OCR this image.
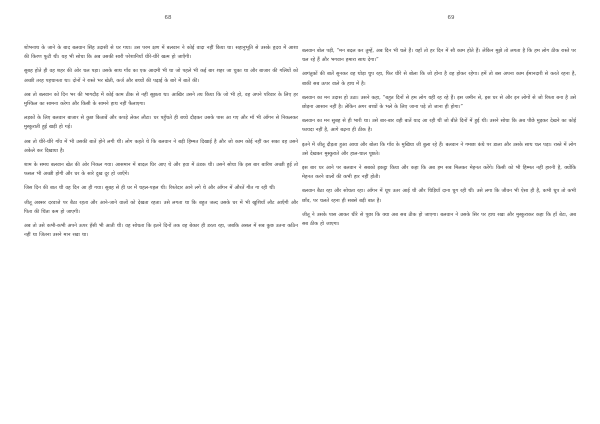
68

शोभनाथ के जाने के बाद बलवान सिंह उदासी से घर गया। उस परम क्षण में बलवान ने कोई वादा नहीं किया था। सहानुभूति से उसके हृदय में आशा की किरण फूटी थी। यह भी सोचा कि अब उसकी सारी परेशानियाँ धीरे-धीरे खत्म हो जाएँगी।

सुबह होते ही वह शहर की ओर चल पड़ा। उसके साथ गाँव का एक आदमी भी था जो पहले भी कई बार शहर जा चुका था और बाजार की गलियों को अच्छी तरह पहचानता था। दोनों ने रास्ते भर खेती, कर्ज और बच्चों की पढ़ाई के बारे में बातें कीं।

अब तो बलवान को दिन भर की भागदौड़ में कोई काम ठीक से नहीं सूझता था। आखिर उसने तय किया कि जो भी हो, वह अपने परिवार के लिए हर मुश्किल का सामना करेगा और किसी के सामने हाथ नहीं फैलाएगा।

लड़कों के लिए बलवान बाजार से कुछ किताबें और कपड़े लेकर लौटा। घर पहुँचते ही बच्चे दौड़कर उसके पास आ गए और माँ भी आँगन से निकलकर मुस्कुराती हुई खड़ी हो गई।

अब तो धीरे-धीरे गाँव में भी उसकी बातें होने लगी थीं। लोग कहते थे कि बलवान ने बड़ी हिम्मत दिखाई है और जो काम कोई नहीं कर सका वह उसने अकेले कर दिखाया है।

शाम के समय बलवान खेत की ओर निकल गया। आसमान में बादल घिर आए थे और हवा में ठंडक थी। उसने सोचा कि इस बार बारिश अच्छी हुई तो फसल भी अच्छी होगी और घर के सारे दुख दूर हो जाएँगे।

जिस दिन की बात थी वह दिन आ ही गया। सुबह से ही घर में चहल-पहल थी। रिश्तेदार आने लगे थे और आँगन में औरतें गीत गा रही थीं।

जीतू अक्सर दरवाजे पर बैठा रहता और आने-जाने वालों को देखता रहता। उसे लगता था कि बहुत जल्द उसके घर में भी खुशियाँ लौट आएँगी और पिता की चिंता कम हो जाएगी।

अब तो उसे कभी-कभी अपने ऊपर हँसी भी आती थी। वह सोचता कि इतने दिनों तक वह बेकार ही डरता रहा, जबकि असल में सब कुछ उतना कठिन नहीं था जितना उसने मान रखा था।

69

बलवान बोल पड़ी, “मन बदल कर तुम्हें, अब दिन भी चले हैं। यहाँ तो हर दिन में सौ काम होते हैं। लेकिन मुझे तो लगता है कि हम लोग ठीक रास्ते पर चल रहे हैं और भगवान हमारा साथ देगा।”

आगंतुकों की बातें सुनकर वह थोड़ा चुप रहा, फिर धीरे से बोला कि जो होना है वह होकर रहेगा। हमें तो बस अपना काम ईमानदारी से करते रहना है, बाकी सब ऊपर वाले के हाथ में है।

बलवान का मन उदास हो उठा। उसने कहा, “बहुत दिनों से हम लोग यहीं रह रहे हैं। इस जमीन से, इस घर से और इन लोगों से जो रिश्ता बना है उसे छोड़ना आसान नहीं है। लेकिन अगर बच्चों के भले के लिए जाना पड़े तो जाना ही होगा।”

बलवान का मन सुबह से ही भारी था। उसे बार-बार वही बातें याद आ रही थीं जो बीते दिनों में हुई थीं। उसने सोचा कि अब पीछे मुड़कर देखने का कोई फायदा नहीं है, आगे बढ़ना ही ठीक है।

इतने में जीतू दौड़ता हुआ आया और बोला कि गाँव के मुखिया जी बुला रहे हैं। बलवान ने गमछा कंधे पर डाला और उसके साथ चल पड़ा। रास्ते में लोग उसे देखकर मुस्कुराते और हाल-चाल पूछते।

इस बार घर आने पर बलवान ने सबको इकट्ठा किया और कहा कि अब हम सब मिलकर मेहनत करेंगे। किसी को भी हिम्मत नहीं हारनी है, क्योंकि मेहनत करने वालों की कभी हार नहीं होती।

बलवान बैठा रहा और सोचता रहा। आँगन में धूप उतर आई थी और चिड़ियाँ दाना चुग रही थीं। उसे लगा कि जीवन भी ऐसा ही है, कभी धूप तो कभी छाँव, पर चलते रहना ही सबसे बड़ी बात है।

जीतू ने उसके पास आकर धीरे से पूछा कि क्या अब सब ठीक हो जाएगा। बलवान ने उसके सिर पर हाथ रखा और मुस्कुराकर कहा कि हाँ बेटा, अब सब ठीक हो जाएगा।
